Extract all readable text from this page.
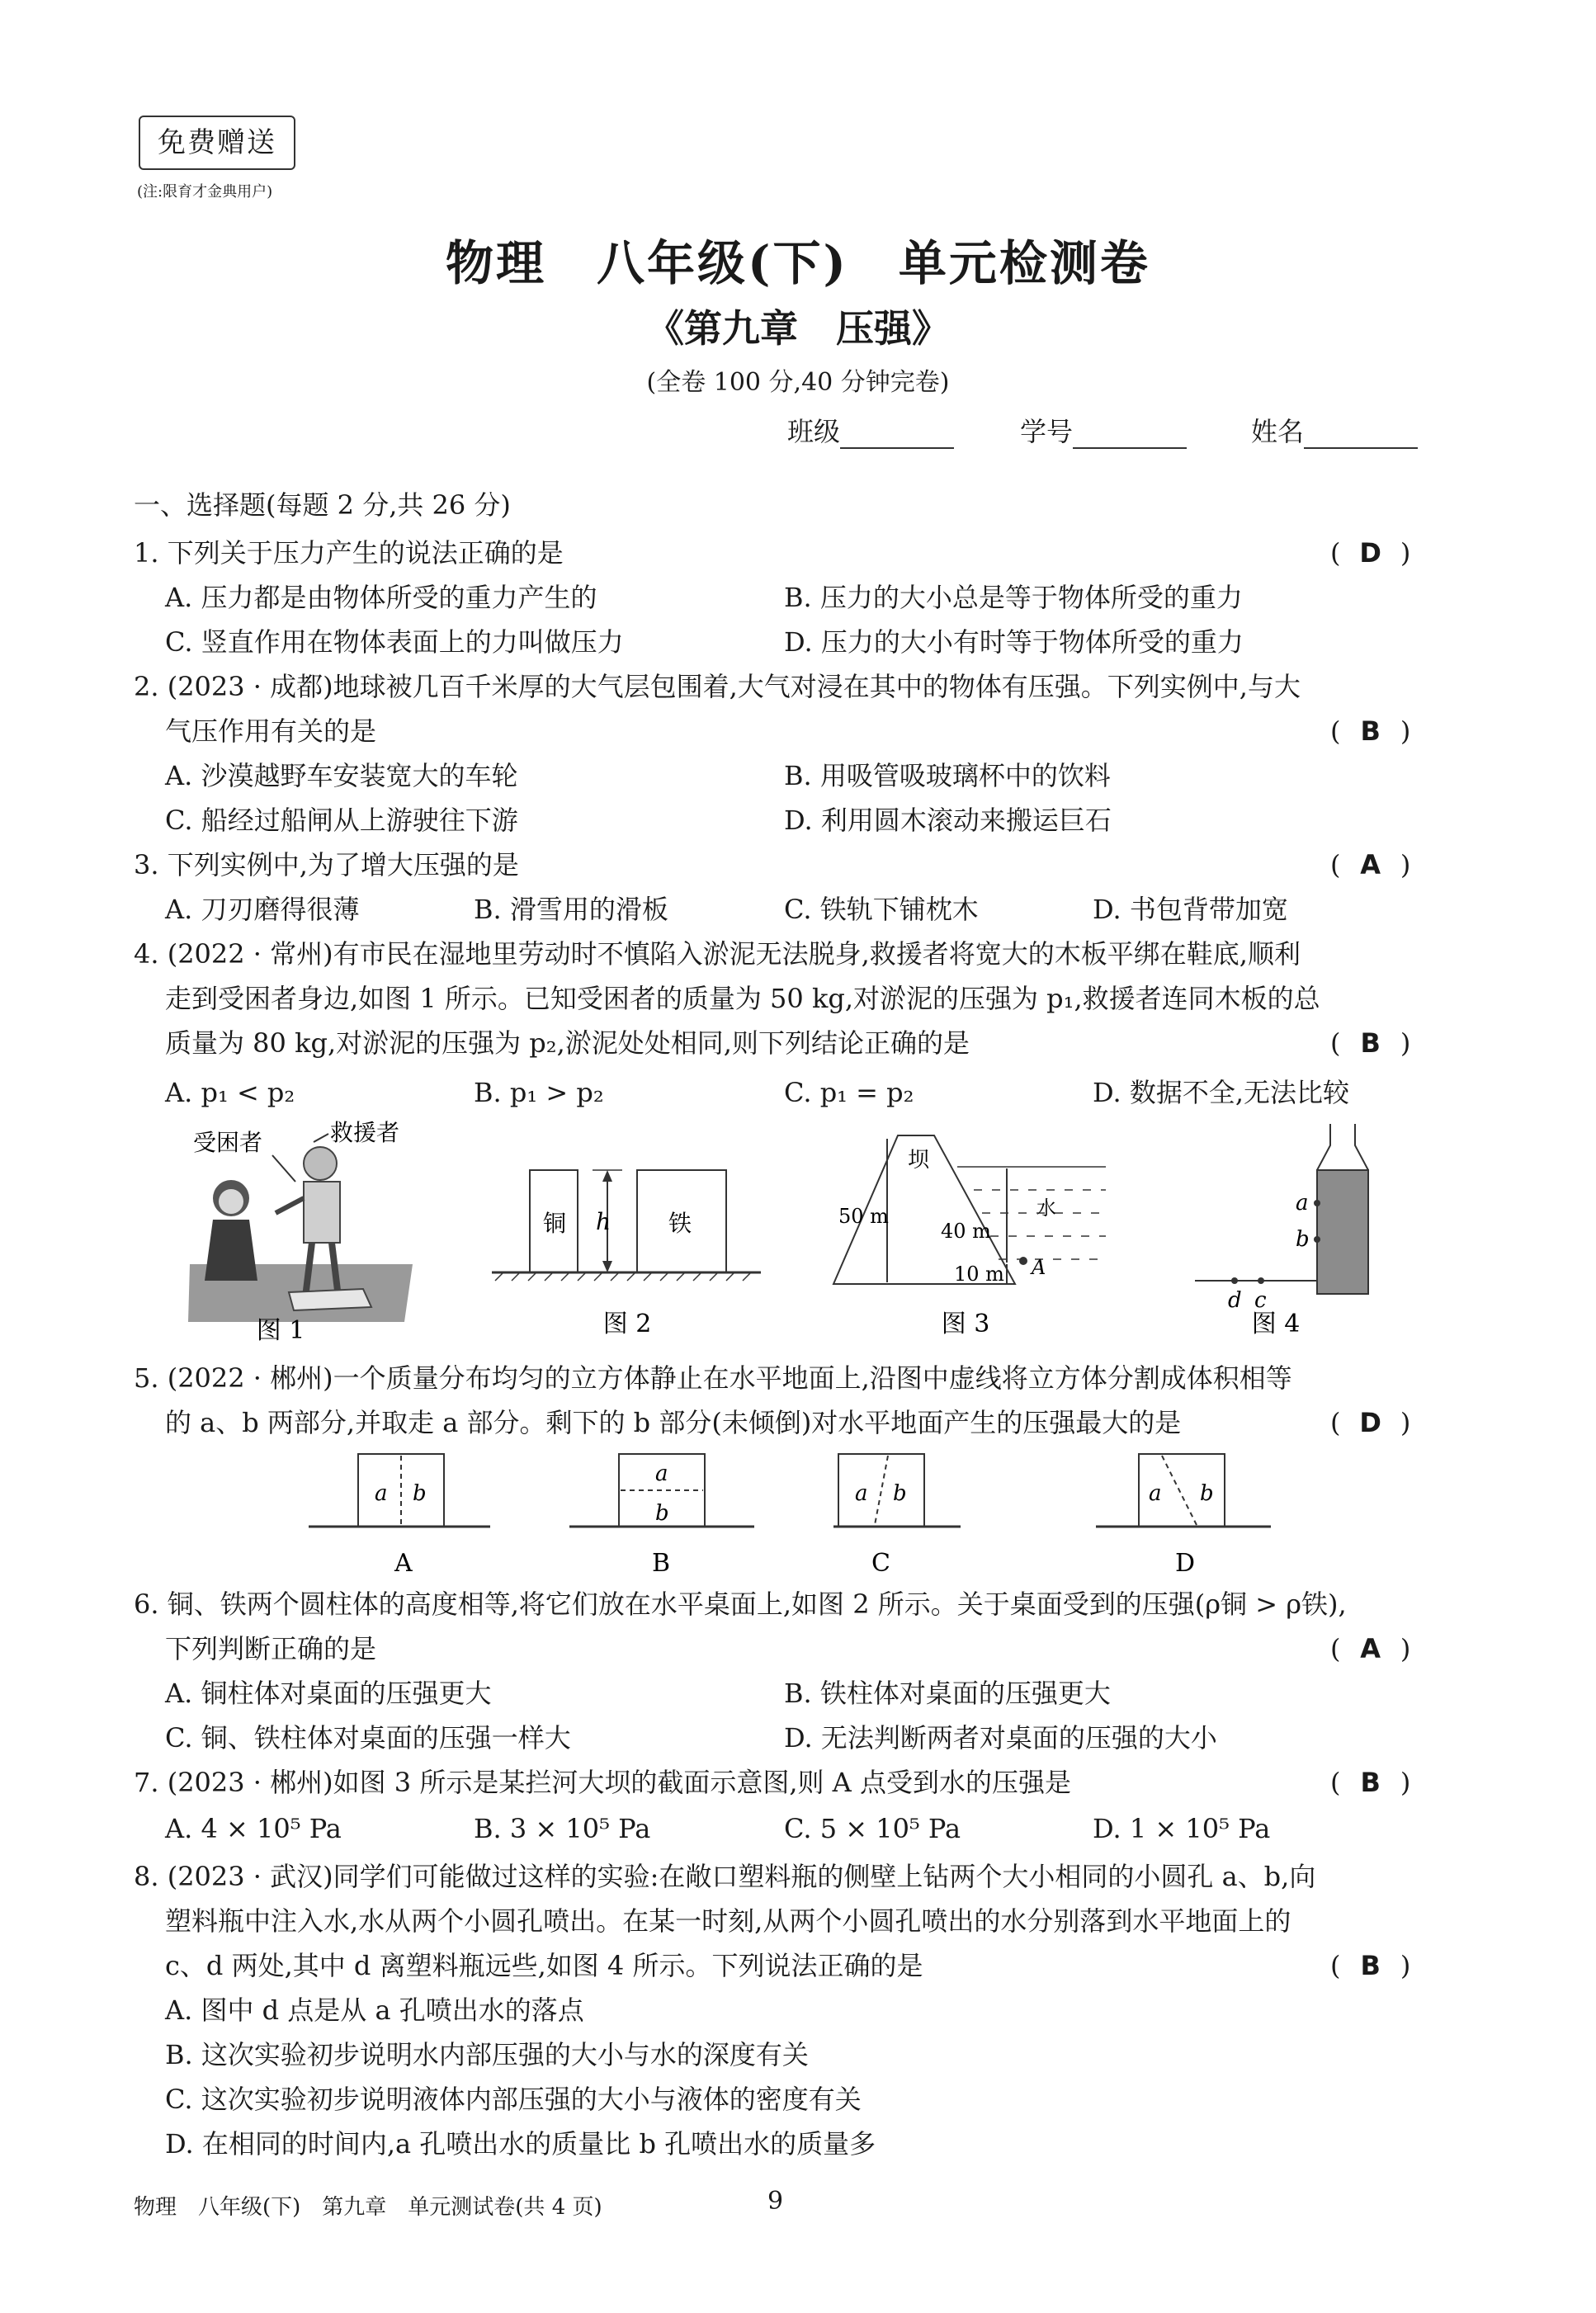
免费赠送
(注:限育才金典用户)
物理　八年级(下)　单元检测卷
《第九章　压强》
(全卷 100 分,40 分钟完卷)
班级	学号	姓名
一、选择题(每题 2 分,共 26 分)
1. 下列关于压力产生的说法正确的是	( D )
A. 压力都是由物体所受的重力产生的	B. 压力的大小总是等于物体所受的重力
C. 竖直作用在物体表面上的力叫做压力	D. 压力的大小有时等于物体所受的重力
2. (2023 · 成都)地球被几百千米厚的大气层包围着,大气对浸在其中的物体有压强。下列实例中,与大
气压作用有关的是	( B )
A. 沙漠越野车安装宽大的车轮	B. 用吸管吸玻璃杯中的饮料
C. 船经过船闸从上游驶往下游	D. 利用圆木滚动来搬运巨石
3. 下列实例中,为了增大压强的是	( A )
A. 刀刃磨得很薄	B. 滑雪用的滑板	C. 铁轨下铺枕木	D. 书包背带加宽
4. (2022 · 常州)有市民在湿地里劳动时不慎陷入淤泥无法脱身,救援者将宽大的木板平绑在鞋底,顺利
走到受困者身边,如图 1 所示。已知受困者的质量为 50 kg,对淤泥的压强为 p₁,救援者连同木板的总
质量为 80 kg,对淤泥的压强为 p₂,淤泥处处相同,则下列结论正确的是	( B )
A. p₁ < p₂	B. p₁ > p₂	C. p₁ = p₂	D. 数据不全,无法比较
受困者	救援者
图 1
铜	铁
h
图 2
坝
50 m	水
40 m
A
10 m
图 3
a
b
d c
图 4
5. (2022 · 郴州)一个质量分布均匀的立方体静止在水平地面上,沿图中虚线将立方体分割成体积相等
的 a、b 两部分,并取走 a 部分。剩下的 b 部分(未倾倒)对水平地面产生的压强最大的是	( D )
a b
A
a
b
B
a b
C
a b
D
6. 铜、铁两个圆柱体的高度相等,将它们放在水平桌面上,如图 2 所示。关于桌面受到的压强(ρ铜 > ρ铁),
下列判断正确的是	( A )
A. 铜柱体对桌面的压强更大	B. 铁柱体对桌面的压强更大
C. 铜、铁柱体对桌面的压强一样大	D. 无法判断两者对桌面的压强的大小
7. (2023 · 郴州)如图 3 所示是某拦河大坝的截面示意图,则 A 点受到水的压强是	( B )
A. 4 × 10⁵ Pa	B. 3 × 10⁵ Pa	C. 5 × 10⁵ Pa	D. 1 × 10⁵ Pa
8. (2023 · 武汉)同学们可能做过这样的实验:在敞口塑料瓶的侧壁上钻两个大小相同的小圆孔 a、b,向
塑料瓶中注入水,水从两个小圆孔喷出。在某一时刻,从两个小圆孔喷出的水分别落到水平地面上的
c、d 两处,其中 d 离塑料瓶远些,如图 4 所示。下列说法正确的是	( B )
A. 图中 d 点是从 a 孔喷出水的落点
B. 这次实验初步说明水内部压强的大小与水的深度有关
C. 这次实验初步说明液体内部压强的大小与液体的密度有关
D. 在相同的时间内,a 孔喷出水的质量比 b 孔喷出水的质量多
物理　八年级(下)　第九章　单元测试卷(共 4 页)	9
